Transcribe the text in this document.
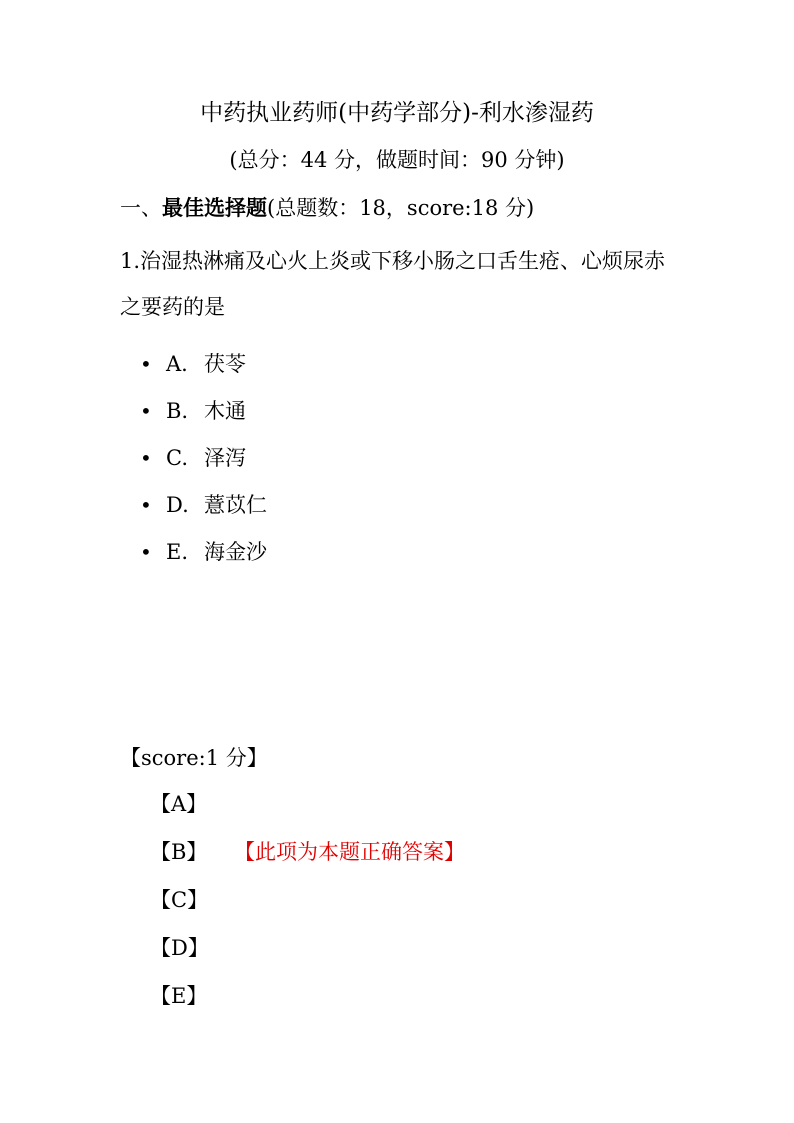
中药执业药师(中药学部分)-利水渗湿药
(总分：44 分，做题时间：90 分钟)
一、最佳选择题(总题数：18，score:18 分)
1.治湿热淋痛及心火上炎或下移小肠之口舌生疮、心烦尿赤之要药的是
• A. 茯苓
• B. 木通
• C. 泽泻
• D. 薏苡仁
• E. 海金沙
【score:1 分】
【A】
【B】 【此项为本题正确答案】
【C】
【D】
【E】
